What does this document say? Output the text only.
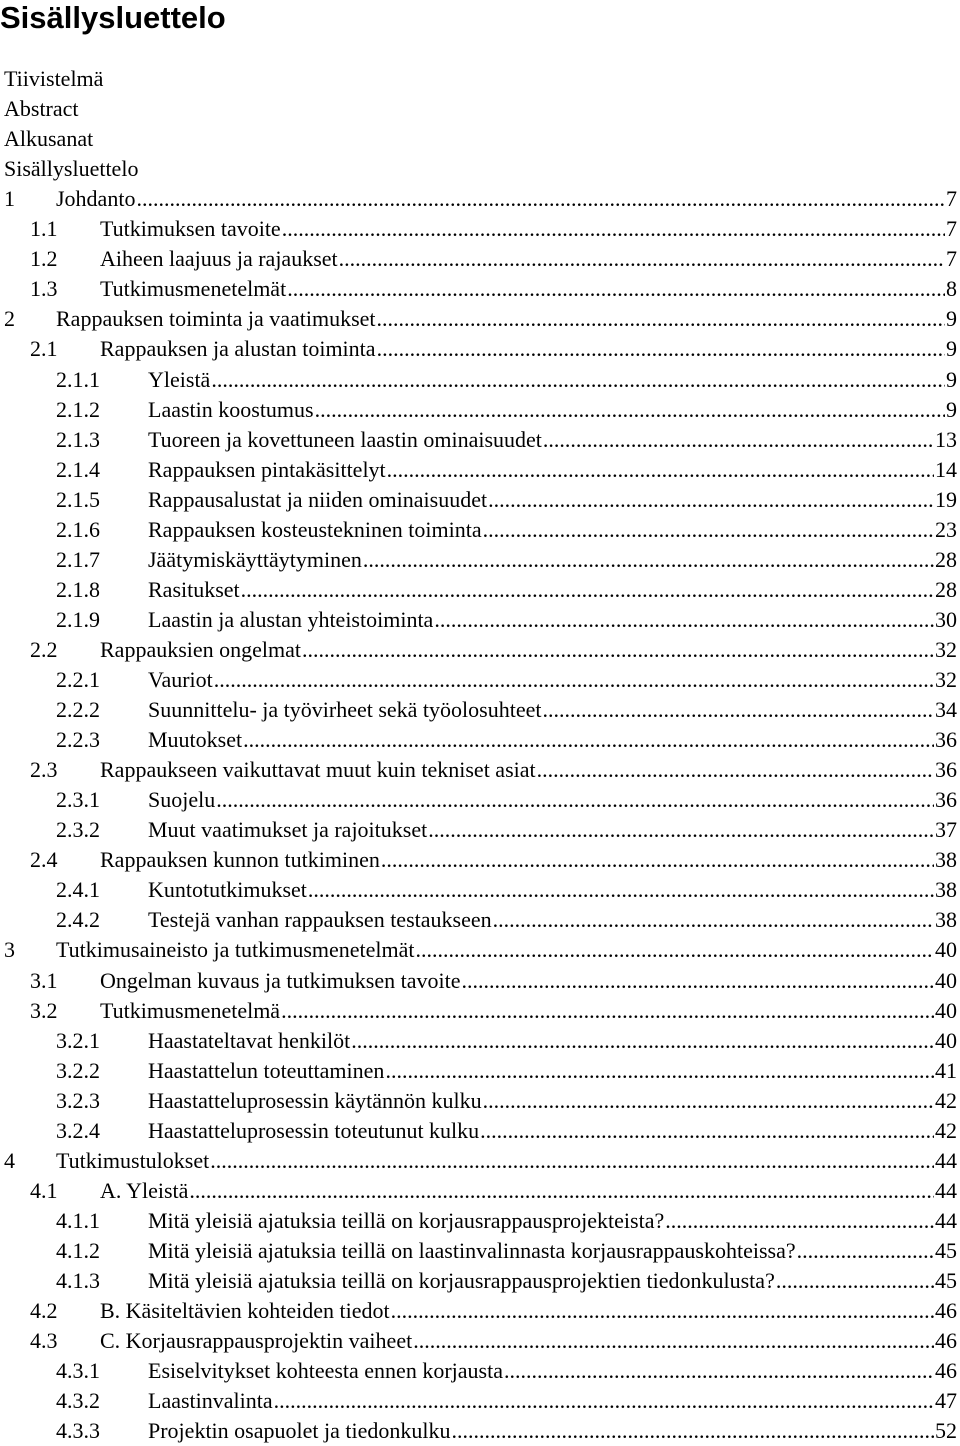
Sisällysluettelo
Tiivistelmä
Abstract
Alkusanat
Sisällysluettelo
1 Johdanto .....	7
1.1 Tutkimuksen tavoite .....	7
1.2 Aiheen laajuus ja rajaukset .....	7
1.3 Tutkimusmenetelmät .....	8
2 Rappauksen toiminta ja vaatimukset .....	9
2.1 Rappauksen ja alustan toiminta .....	9
2.1.1 Yleistä .....	9
2.1.2 Laastin koostumus .....	9
2.1.3 Tuoreen ja kovettuneen laastin ominaisuudet .....	13
2.1.4 Rappauksen pintakäsittelyt .....	14
2.1.5 Rappausalustat ja niiden ominaisuudet .....	19
2.1.6 Rappauksen kosteustekninen toiminta .....	23
2.1.7 Jäätymiskäyttäytyminen .....	28
2.1.8 Rasitukset .....	28
2.1.9 Laastin ja alustan yhteistoiminta .....	30
2.2 Rappauksien ongelmat .....	32
2.2.1 Vauriot .....	32
2.2.2 Suunnittelu- ja työvirheet sekä työolosuhteet .....	34
2.2.3 Muutokset .....	36
2.3 Rappaukseen vaikuttavat muut kuin tekniset asiat .....	36
2.3.1 Suojelu .....	36
2.3.2 Muut vaatimukset ja rajoitukset .....	37
2.4 Rappauksen kunnon tutkiminen .....	38
2.4.1 Kuntotutkimukset .....	38
2.4.2 Testejä vanhan rappauksen testaukseen .....	38
3 Tutkimusaineisto ja tutkimusmenetelmät .....	40
3.1 Ongelman kuvaus ja tutkimuksen tavoite .....	40
3.2 Tutkimusmenetelmä .....	40
3.2.1 Haastateltavat henkilöt .....	40
3.2.2 Haastattelun toteuttaminen .....	41
3.2.3 Haastatteluprosessin käytännön kulku .....	42
3.2.4 Haastatteluprosessin toteutunut kulku .....	42
4 Tutkimustulokset .....	44
4.1 A. Yleistä .....	44
4.1.1 Mitä yleisiä ajatuksia teillä on korjausrappausprojekteista? .....	44
4.1.2 Mitä yleisiä ajatuksia teillä on laastinvalinnasta korjausrappauskohteissa? .....	45
4.1.3 Mitä yleisiä ajatuksia teillä on korjausrappausprojektien tiedonkulusta? .....	45
4.2 B. Käsiteltävien kohteiden tiedot .....	46
4.3 C. Korjausrappausprojektin vaiheet .....	46
4.3.1 Esiselvitykset kohteesta ennen korjausta .....	46
4.3.2 Laastinvalinta .....	47
4.3.3 Projektin osapuolet ja tiedonkulku .....	52
